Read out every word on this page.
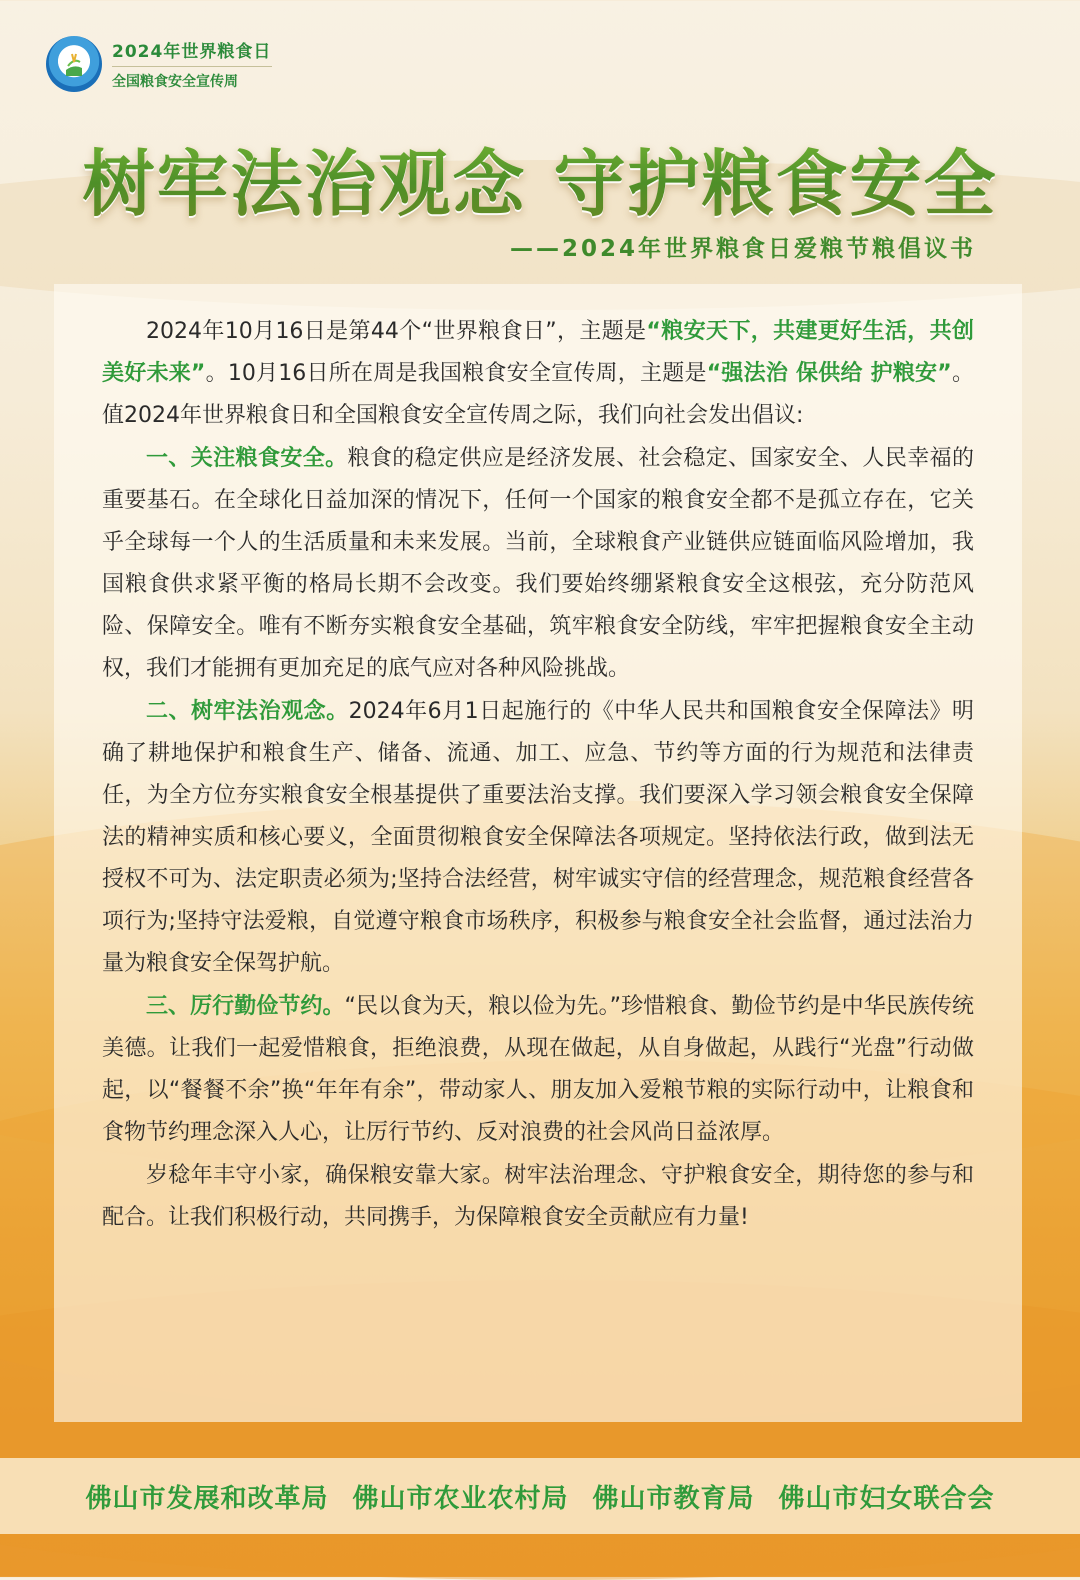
2024年世界粮食日
全国粮食安全宣传周
树牢法治观念 守护粮食安全
——2024年世界粮食日爱粮节粮倡议书

2024年10月16日是第44个“世界粮食日”，主题是“粮安天下，共建更好生活，共创美好未来”。10月16日所在周是我国粮食安全宣传周，主题是“强法治 保供给 护粮安”。值2024年世界粮食日和全国粮食安全宣传周之际，我们向社会发出倡议:

一、关注粮食安全。粮食的稳定供应是经济发展、社会稳定、国家安全、人民幸福的重要基石。在全球化日益加深的情况下，任何一个国家的粮食安全都不是孤立存在，它关乎全球每一个人的生活质量和未来发展。当前，全球粮食产业链供应链面临风险增加，我国粮食供求紧平衡的格局长期不会改变。我们要始终绷紧粮食安全这根弦，充分防范风险、保障安全。唯有不断夯实粮食安全基础，筑牢粮食安全防线，牢牢把握粮食安全主动权，我们才能拥有更加充足的底气应对各种风险挑战。

二、树牢法治观念。2024年6月1日起施行的《中华人民共和国粮食安全保障法》明确了耕地保护和粮食生产、储备、流通、加工、应急、节约等方面的行为规范和法律责任，为全方位夯实粮食安全根基提供了重要法治支撑。我们要深入学习领会粮食安全保障法的精神实质和核心要义，全面贯彻粮食安全保障法各项规定。坚持依法行政，做到法无授权不可为、法定职责必须为;坚持合法经营，树牢诚实守信的经营理念，规范粮食经营各项行为;坚持守法爱粮，自觉遵守粮食市场秩序，积极参与粮食安全社会监督，通过法治力量为粮食安全保驾护航。

三、厉行勤俭节约。“民以食为天，粮以俭为先。”珍惜粮食、勤俭节约是中华民族传统美德。让我们一起爱惜粮食，拒绝浪费，从现在做起，从自身做起，从践行“光盘”行动做起，以“餐餐不余”换“年年有余”，带动家人、朋友加入爱粮节粮的实际行动中，让粮食和食物节约理念深入人心，让厉行节约、反对浪费的社会风尚日益浓厚。

岁稔年丰守小家，确保粮安靠大家。树牢法治理念、守护粮食安全，期待您的参与和配合。让我们积极行动，共同携手，为保障粮食安全贡献应有力量!

佛山市发展和改革局 佛山市农业农村局 佛山市教育局 佛山市妇女联合会
